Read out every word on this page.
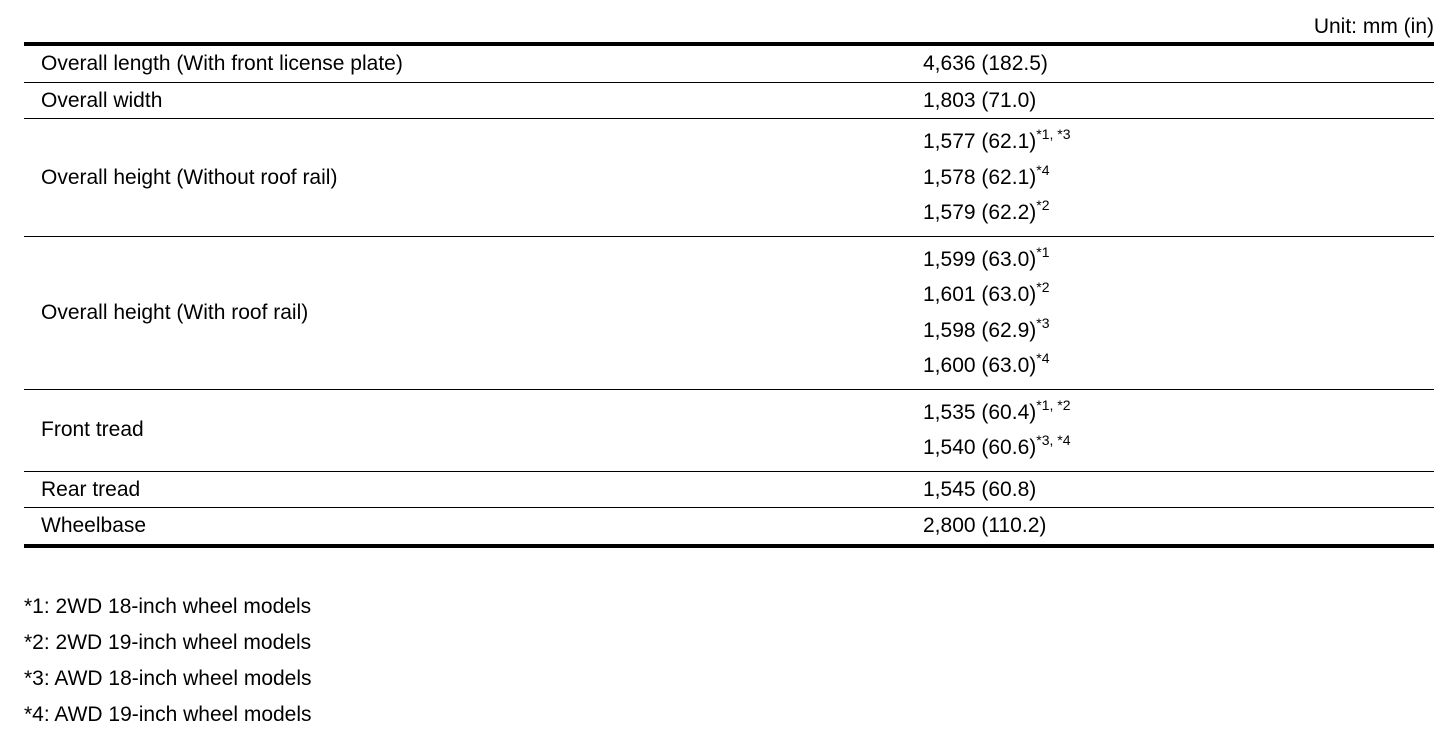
Unit: mm (in)
Overall length (With front license plate)	4,636 (182.5)

Overall width	1,803 (71.0)

Overall height (Without roof rail)	1,577 $(62.1)^{*1, *3}$
1,578 $(62.1)^{*4}$
1,579 $(62.2)^{*2}$

Overall height (With roof rail)	1,599 $(63.0)^{*1}$
1,601 $(63.0)^{*2}$
1,598 $(62.9)^{*3}$
1,600 $(63.0)^{*4}$

Front tread	1,535 $(60.4)^{*1, *2}$
1,540 $(60.6)^{*3, *4}$

Rear tread	1,545 (60.8)

Wheelbase	2,800 (110.2)
*1: 2WD 18-inch wheel models
*2: 2WD 19-inch wheel models
*3: AWD 18-inch wheel models
*4: AWD 19-inch wheel models
